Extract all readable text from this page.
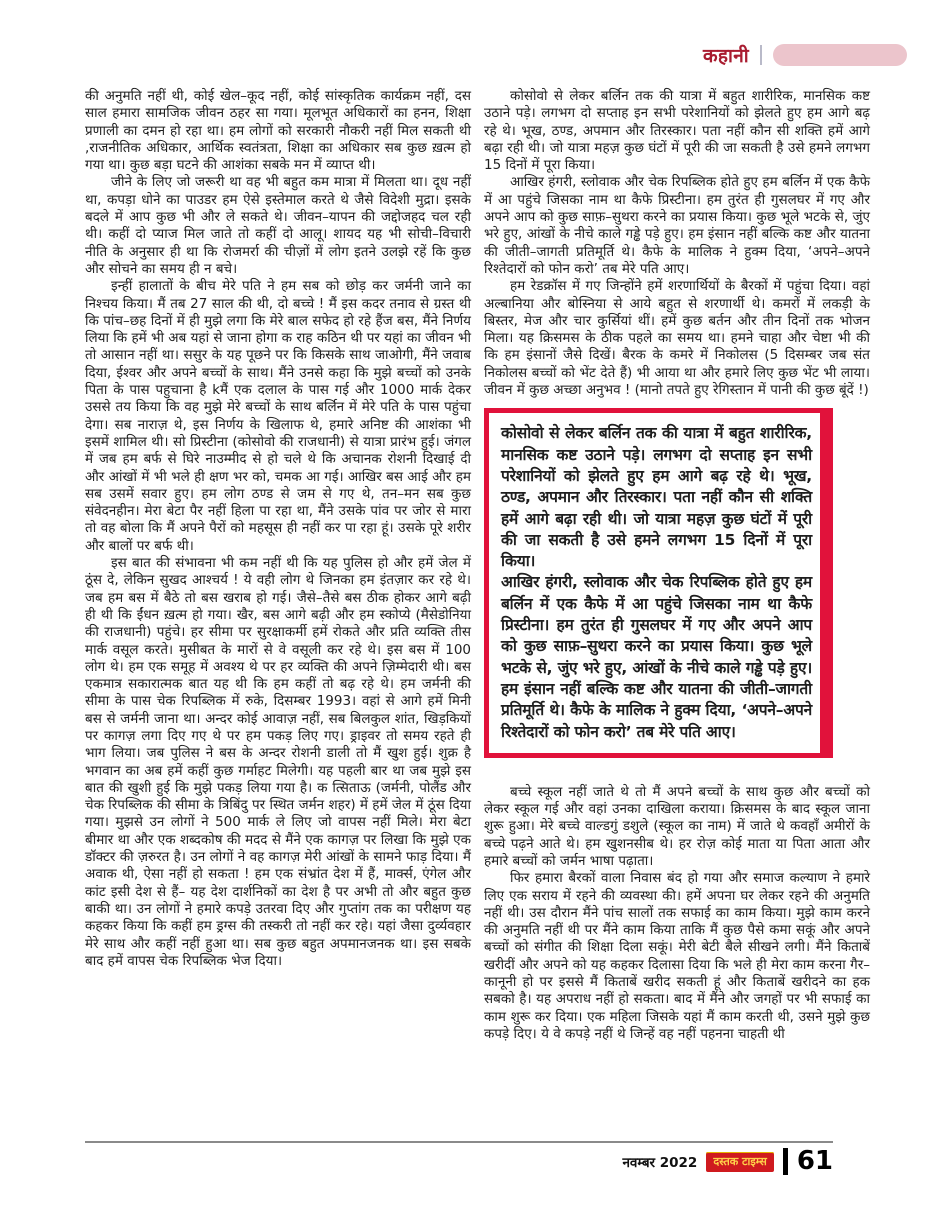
कहानी

की अनुमति नहीं थी, कोई खेल–कूद नहीं, कोई सांस्कृतिक कार्यक्रम नहीं, दस साल हमारा सामजिक जीवन ठहर सा गया। मूलभूत अधिकारों का हनन, शिक्षा प्रणाली का दमन हो रहा था। हम लोगों को सरकारी नौकरी नहीं मिल सकती थी ,राजनीतिक अधिकार, आर्थिक स्वतंत्रता, शिक्षा का अधिकार सब कुछ ख़त्म हो गया था। कुछ बड़ा घटने की आशंका सबके मन में व्याप्त थी।

जीने के लिए जो जरूरी था वह भी बहुत कम मात्रा में मिलता था। दूध नहीं था, कपड़ा धोने का पाउडर हम ऐसे इस्तेमाल करते थे जैसे विदेशी मुद्रा। इसके बदले में आप कुछ भी और ले सकते थे। जीवन–यापन की जद्दोजहद चल रही थी। कहीं दो प्याज मिल जाते तो कहीं दो आलू। शायद यह भी सोची–विचारी नीति के अनुसार ही था कि रोजमर्रा की चीज़ों में लोग इतने उलझे रहें कि कुछ और सोचने का समय ही न बचे।

इन्हीं हालातों के बीच मेरे पति ने हम सब को छोड़ कर जर्मनी जाने का निश्चय किया। मैं तब 27 साल की थी, दो बच्चे ! मैं इस कदर तनाव से ग्रस्त थी कि पांच–छह दिनों में ही मुझे लगा कि मेरे बाल सफेद हो रहे हैंज बस, मैंने निर्णय लिया कि हमें भी अब यहां से जाना होगा क राह कठिन थी पर यहां का जीवन भी तो आसान नहीं था। ससुर के यह पूछने पर कि किसके साथ जाओगी, मैंने जवाब दिया, ईश्वर और अपने बच्चों के साथ। मैंने उनसे कहा कि मुझे बच्चों को उनके पिता के पास पहुचाना है kमैं एक दलाल के पास गई और 1000 मार्क देकर उससे तय किया कि वह मुझे मेरे बच्चों के साथ बर्लिन में मेरे पति के पास पहुंचा देगा। सब नाराज़ थे, इस निर्णय के खिलाफ थे, हमारे अनिष्ट की आशंका भी इसमें शामिल थी। सो प्रिस्टीना (कोसोवो की राजधानी) से यात्रा प्रारंभ हुई। जंगल में जब हम बर्फ से घिरे नाउम्मीद से हो चले थे कि अचानक रोशनी दिखाई दी और आंखों में भी भले ही क्षण भर को, चमक आ गई। आखिर बस आई और हम सब उसमें सवार हुए। हम लोग ठण्ड से जम से गए थे, तन–मन सब कुछ संवेदनहीन। मेरा बेटा पैर नहीं हिला पा रहा था, मैंने उसके पांव पर जोर से मारा तो वह बोला कि मैं अपने पैरों को महसूस ही नहीं कर पा रहा हूं। उसके पूरे शरीर और बालों पर बर्फ थी।

इस बात की संभावना भी कम नहीं थी कि यह पुलिस हो और हमें जेल में ठूंस दे, लेकिन सुखद आश्चर्य ! ये वही लोग थे जिनका हम इंतज़ार कर रहे थे। जब हम बस में बैठे तो बस खराब हो गई। जैसे–तैसे बस ठीक होकर आगे बढ़ी ही थी कि ईंधन ख़त्म हो गया। खैर, बस आगे बढ़ी और हम स्कोप्ये (मैसेडोनिया की राजधानी) पहुंचे। हर सीमा पर सुरक्षाकर्मी हमें रोकते और प्रति व्यक्ति तीस मार्क वसूल करते। मुसीबत के मारों से वे वसूली कर रहे थे। इस बस में 100 लोग थे। हम एक समूह में अवश्य थे पर हर व्यक्ति की अपने ज़िम्मेदारी थी। बस एकमात्र सकारात्मक बात यह थी कि हम कहीं तो बढ़ रहे थे। हम जर्मनी की सीमा के पास चेक रिपब्लिक में रुके, दिसम्बर 1993। वहां से आगे हमें मिनी बस से जर्मनी जाना था। अन्दर कोई आवाज़ नहीं, सब बिलकुल शांत, खिड़कियों पर कागज़ लगा दिए गए थे पर हम पकड़ लिए गए। ड्राइवर तो समय रहते ही भाग लिया। जब पुलिस ने बस के अन्दर रोशनी डाली तो मैं खुश हुई। शुक्र है भगवान का अब हमें कहीं कुछ गर्माहट मिलेगी। यह पहली बार था जब मुझे इस बात की खुशी हुई कि मुझे पकड़ लिया गया है। क त्सिताऊ (जर्मनी, पोलैंड और चेक रिपब्लिक की सीमा के त्रिबिंदु पर स्थित जर्मन शहर) में हमें जेल में ठूंस दिया गया। मुझसे उन लोगों ने 500 मार्क ले लिए जो वापस नहीं मिले। मेरा बेटा बीमार था और एक शब्दकोष की मदद से मैंने एक कागज़ पर लिखा कि मुझे एक डॉक्टर की ज़रुरत है। उन लोगों ने वह कागज़ मेरी आंखों के सामने फाड़ दिया। मैं अवाक थी, ऐसा नहीं हो सकता ! हम एक संभ्रांत देश में हैं, मार्क्स, एंगेल और कांट इसी देश से हैं– यह देश दार्शनिकों का देश है पर अभी तो और बहुत कुछ बाकी था। उन लोगों ने हमारे कपड़े उतरवा दिए और गुप्तांग तक का परीक्षण यह कहकर किया कि कहीं हम ड्रग्स की तस्करी तो नहीं कर रहे। यहां जैसा दुर्व्यवहार मेरे साथ और कहीं नहीं हुआ था। सब कुछ बहुत अपमानजनक था। इस सबके बाद हमें वापस चेक रिपब्लिक भेज दिया।

कोसोवो से लेकर बर्लिन तक की यात्रा में बहुत शारीरिक, मानसिक कष्ट उठाने पड़े। लगभग दो सप्ताह इन सभी परेशानियों को झेलते हुए हम आगे बढ़ रहे थे। भूख, ठण्ड, अपमान और तिरस्कार। पता नहीं कौन सी शक्ति हमें आगे बढ़ा रही थी। जो यात्रा महज़ कुछ घंटों में पूरी की जा सकती है उसे हमने लगभग 15 दिनों में पूरा किया।

आखिर हंगरी, स्लोवाक और चेक रिपब्लिक होते हुए हम बर्लिन में एक कैफे में आ पहुंचे जिसका नाम था कैफे प्रिस्टीना। हम तुरंत ही गुसलघर में गए और अपने आप को कुछ साफ़–सुथरा करने का प्रयास किया। कुछ भूले भटके से, जुंए भरे हुए, आंखों के नीचे काले गड्ढे पड़े हुए। हम इंसान नहीं बल्कि कष्ट और यातना की जीती–जागती प्रतिमूर्ति थे। कैफे के मालिक ने हुक्म दिया, ‘अपने–अपने रिश्तेदारों को फोन करो’ तब मेरे पति आए।

हम रेडक्रॉस में गए जिन्होंने हमें शरणार्थियों के बैरकों में पहुंचा दिया। वहां अल्बानिया और बोस्निया से आये बहुत से शरणार्थी थे। कमरों में लकड़ी के बिस्तर, मेज और चार कुर्सियां थीं। हमें कुछ बर्तन और तीन दिनों तक भोजन मिला। यह क्रिसमस के ठीक पहले का समय था। हमने चाहा और चेष्टा भी की कि हम इंसानों जैसे दिखें। बैरक के कमरे में निकोलस (5 दिसम्बर जब संत निकोलस बच्चों को भेंट देते हैं) भी आया था और हमारे लिए कुछ भेंट भी लाया। जीवन में कुछ अच्छा अनुभव ! (मानो तपते हुए रेगिस्तान में पानी की कुछ बूंदें !)

कोसोवो से लेकर बर्लिन तक की यात्रा में बहुत शारीरिक, मानसिक कष्ट उठाने पड़े। लगभग दो सप्ताह इन सभी परेशानियों को झेलते हुए हम आगे बढ़ रहे थे। भूख, ठण्ड, अपमान और तिरस्कार। पता नहीं कौन सी शक्ति हमें आगे बढ़ा रही थी। जो यात्रा महज़ कुछ घंटों में पूरी की जा सकती है उसे हमने लगभग 15 दिनों में पूरा किया।

आखिर हंगरी, स्लोवाक और चेक रिपब्लिक होते हुए हम बर्लिन में एक कैफे में आ पहुंचे जिसका नाम था कैफे प्रिस्टीना। हम तुरंत ही गुसलघर में गए और अपने आप को कुछ साफ़–सुथरा करने का प्रयास किया। कुछ भूले भटके से, जुंए भरे हुए, आंखों के नीचे काले गड्ढे पड़े हुए। हम इंसान नहीं बल्कि कष्ट और यातना की जीती–जागती प्रतिमूर्ति थे। कैफे के मालिक ने हुक्म दिया, ‘अपने–अपने रिश्तेदारों को फोन करो’ तब मेरे पति आए।

बच्चे स्कूल नहीं जाते थे तो मैं अपने बच्चों के साथ कुछ और बच्चों को लेकर स्कूल गई और वहां उनका दाखिला कराया। क्रिसमस के बाद स्कूल जाना शुरू हुआ। मेरे बच्चे वाल्डगुं डशुले (स्कूल का नाम) में जाते थे कवहाँ अमीरों के बच्चे पढ़ने आते थे। हम खुशनसीब थे। हर रोज़ कोई माता या पिता आता और हमारे बच्चों को जर्मन भाषा पढ़ाता।

फिर हमारा बैरकों वाला निवास बंद हो गया और समाज कल्याण ने हमारे लिए एक सराय में रहने की व्यवस्था की। हमें अपना घर लेकर रहने की अनुमति नहीं थी। उस दौरान मैंने पांच सालों तक सफाई का काम किया। मुझे काम करने की अनुमति नहीं थी पर मैंने काम किया ताकि मैं कुछ पैसे कमा सकूं और अपने बच्चों को संगीत की शिक्षा दिला सकूं। मेरी बेटी बैले सीखने लगी। मैंने किताबें खरीदीं और अपने को यह कहकर दिलासा दिया कि भले ही मेरा काम करना गैर–कानूनी हो पर इससे मैं किताबें खरीद सकती हूं और किताबें खरीदने का हक सबको है। यह अपराध नहीं हो सकता। बाद में मैंने और जगहों पर भी सफाई का काम शुरू कर दिया। एक महिला जिसके यहां मैं काम करती थी, उसने मुझे कुछ कपड़े दिए। ये वे कपड़े नहीं थे जिन्हें वह नहीं पहनना चाहती थी

नवम्बर 2022	दस्तक टाइम्स 61
